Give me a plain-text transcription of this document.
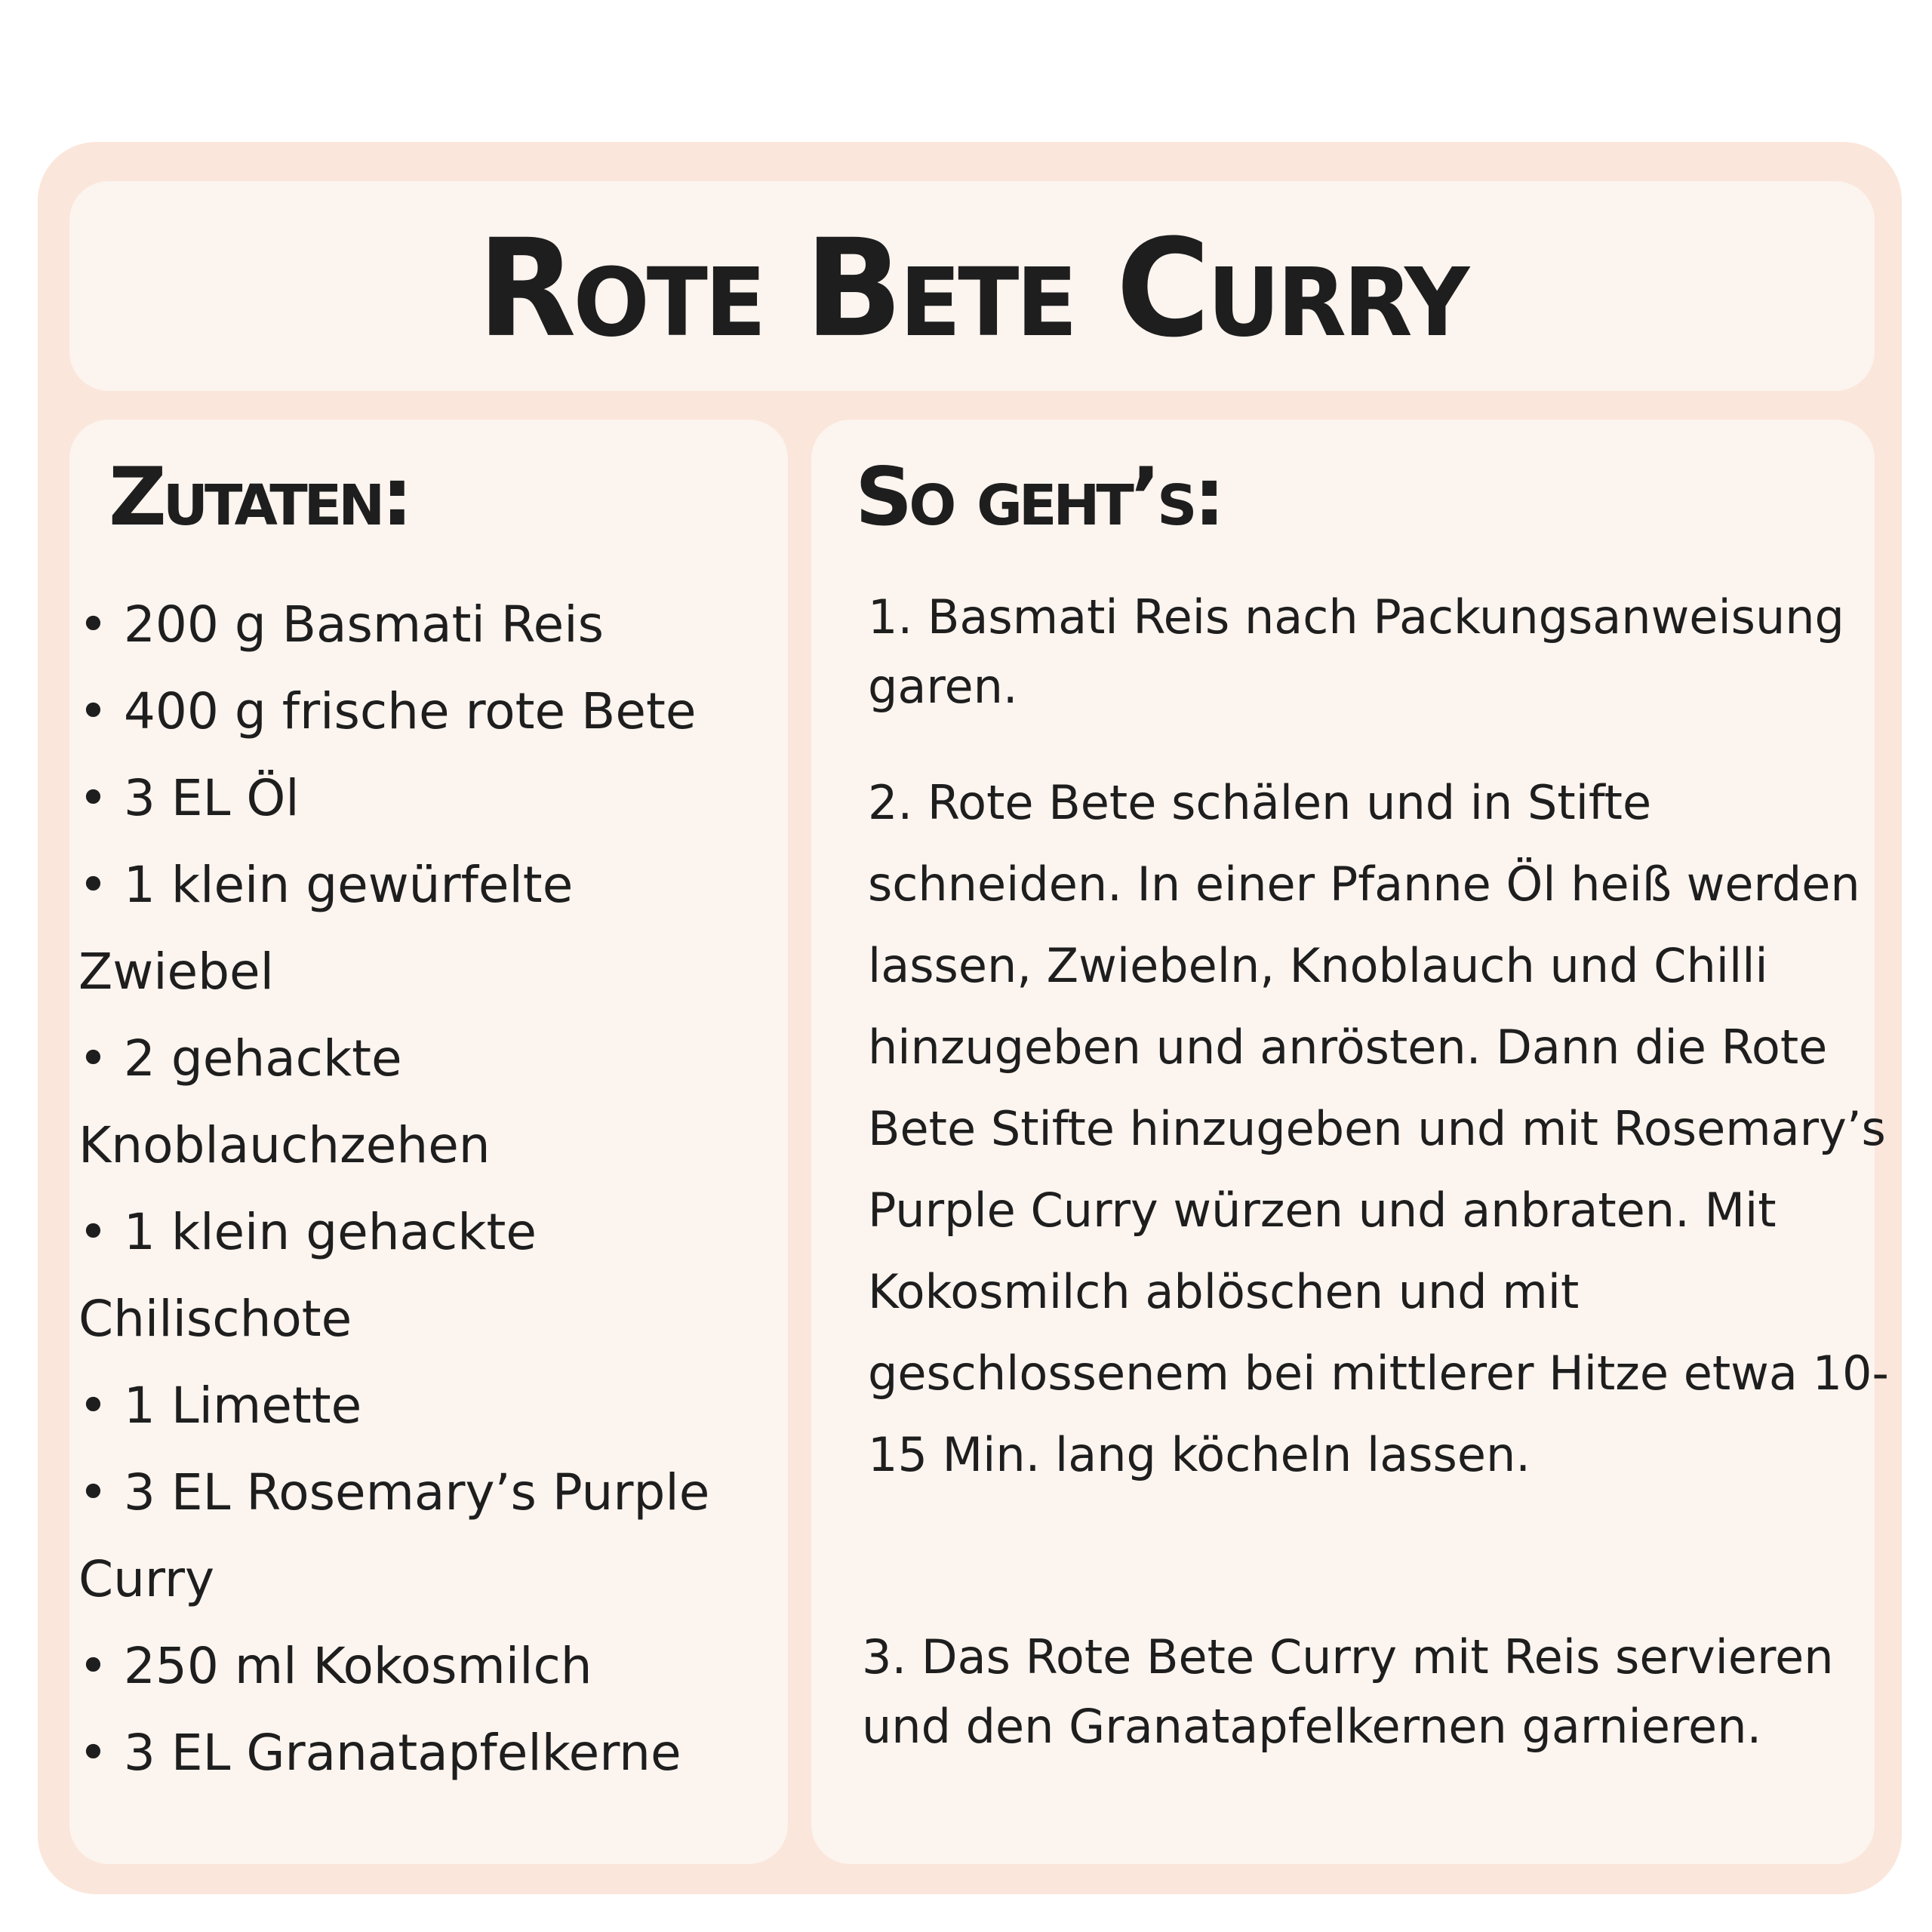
Rote Bete Curry
Zutaten:	So geht’s:
• 200 g Basmati Reis
• 400 g frische rote Bete
• 3 EL Öl
• 1 klein gewürfelte Zwiebel
• 2 gehackte Knoblauchzehen
• 1 klein gehackte Chilischote
• 1 Limette
• 3 EL Rosemary’s Purple Curry
• 250 ml Kokosmilch
• 3 EL Granatapfelkerne

1. Basmati Reis nach Packungsanweisung garen.

2. Rote Bete schälen und in Stifte schneiden. In einer Pfanne Öl heiß werden lassen, Zwiebeln, Knoblauch und Chilli hinzugeben und anrösten. Dann die Rote Bete Stifte hinzugeben und mit Rosemary’s Purple Curry würzen und anbraten. Mit Kokosmilch ablöschen und mit geschlossenem bei mittlerer Hitze etwa 10-15 Min. lang köcheln lassen.

3. Das Rote Bete Curry mit Reis servieren und den Granatapfelkernen garnieren.
